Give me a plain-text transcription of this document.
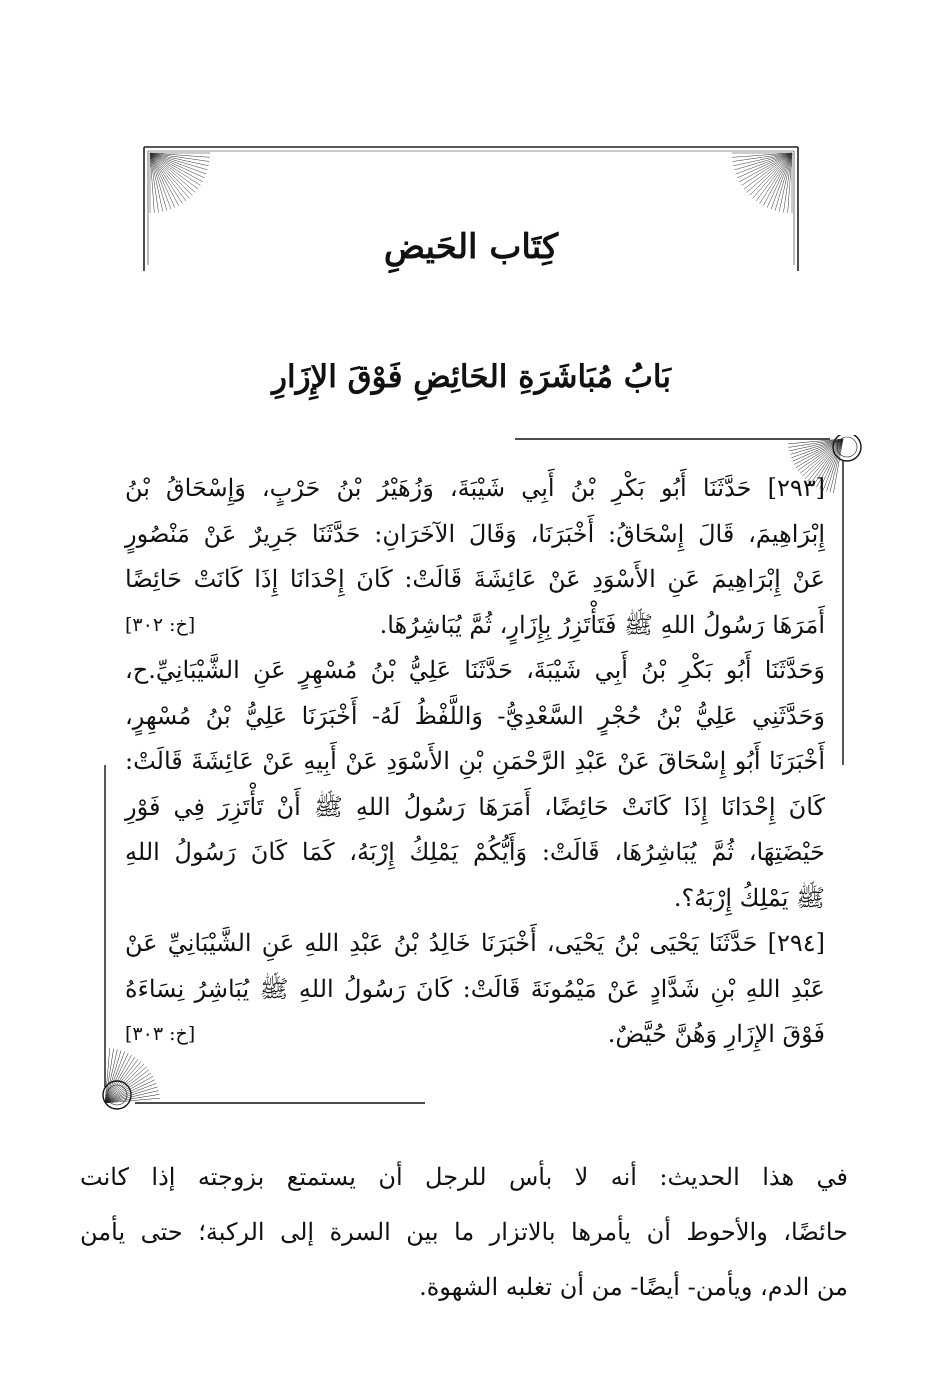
كِتَاب الحَيضِ
بَابُ مُبَاشَرَةِ الحَائِضِ فَوْقَ الإِزَارِ
[٢٩٣] حَدَّثَنَا أَبُو بَكْرِ بْنُ أَبِي شَيْبَةَ، وَزُهَيْرُ بْنُ حَرْبٍ، وَإِسْحَاقُ بْنُ
إِبْرَاهِيمَ، قَالَ إِسْحَاقُ: أَخْبَرَنَا، وَقَالَ الآخَرَانِ: حَدَّثَنَا جَرِيرٌ عَنْ مَنْصُورٍ
عَنْ إِبْرَاهِيمَ عَنِ الأَسْوَدِ عَنْ عَائِشَةَ قَالَتْ: كَانَ إِحْدَانَا إِذَا كَانَتْ حَائِضًا
أَمَرَهَا رَسُولُ اللهِ ﷺ فَتَأْتَزِرُ بِإِزَارٍ، ثُمَّ يُبَاشِرُهَا.
[خ: ٣٠٢]
وَحَدَّثَنَا أَبُو بَكْرِ بْنُ أَبِي شَيْبَةَ، حَدَّثَنَا عَلِيُّ بْنُ مُسْهِرٍ عَنِ الشَّيْبَانِيِّ.ح،
وَحَدَّثَنِي عَلِيُّ بْنُ حُجْرٍ السَّعْدِيُّ- وَاللَّفْظُ لَهُ- أَخْبَرَنَا عَلِيُّ بْنُ مُسْهِرٍ،
أَخْبَرَنَا أَبُو إِسْحَاقَ عَنْ عَبْدِ الرَّحْمَنِ بْنِ الأَسْوَدِ عَنْ أَبِيهِ عَنْ عَائِشَةَ قَالَتْ:
كَانَ إِحْدَانَا إِذَا كَانَتْ حَائِضًا، أَمَرَهَا رَسُولُ اللهِ ﷺ أَنْ تَأْتَزِرَ فِي فَوْرِ
حَيْضَتِهَا، ثُمَّ يُبَاشِرُهَا، قَالَتْ: وَأَيُّكُمْ يَمْلِكُ إِرْبَهُ، كَمَا كَانَ رَسُولُ اللهِ
ﷺ يَمْلِكُ إِرْبَهُ؟.
[٢٩٤] حَدَّثَنَا يَحْيَى بْنُ يَحْيَى، أَخْبَرَنَا خَالِدُ بْنُ عَبْدِ اللهِ عَنِ الشَّيْبَانِيِّ عَنْ
عَبْدِ اللهِ بْنِ شَدَّادٍ عَنْ مَيْمُونَةَ قَالَتْ: كَانَ رَسُولُ اللهِ ﷺ يُبَاشِرُ نِسَاءَهُ
فَوْقَ الإِزَارِ وَهُنَّ حُيَّضٌ.
[خ: ٣٠٣]
في هذا الحديث: أنه لا بأس للرجل أن يستمتع بزوجته إذا كانت
حائضًا، والأحوط أن يأمرها بالاتزار ما بين السرة إلى الركبة؛ حتى يأمن
من الدم، ويأمن- أيضًا- من أن تغلبه الشهوة.
